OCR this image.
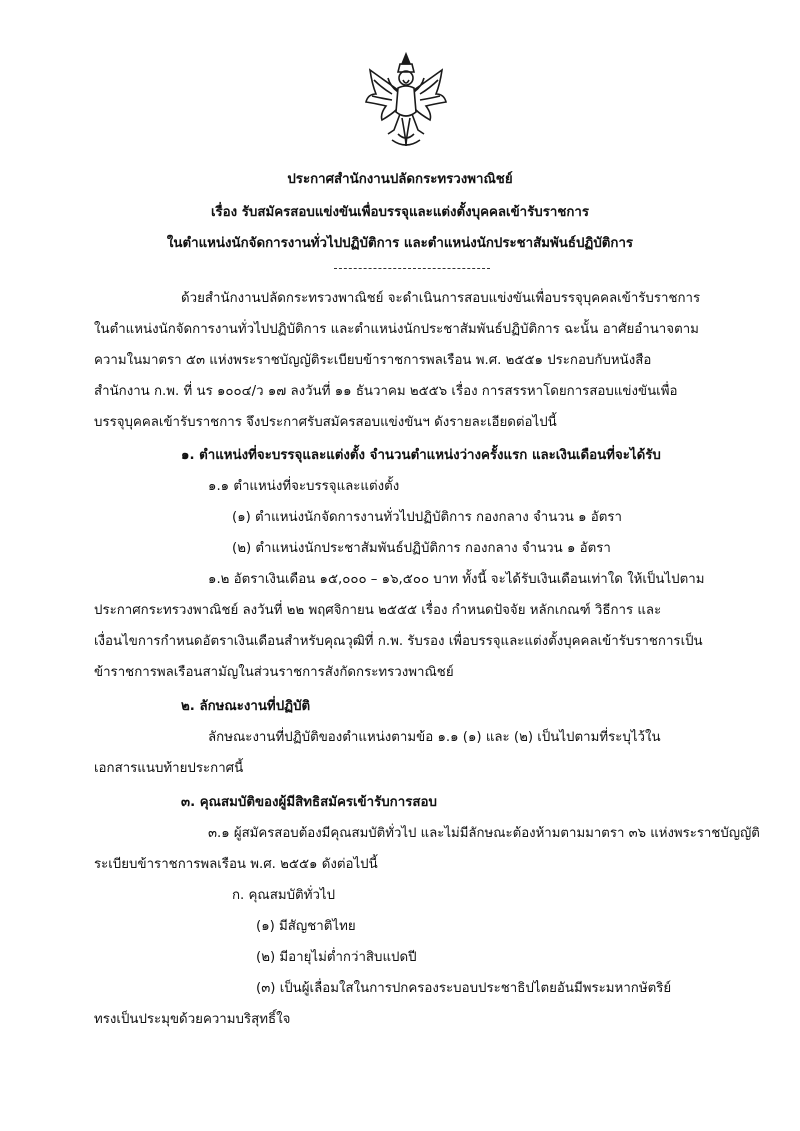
ประกาศสำนักงานปลัดกระทรวงพาณิชย์
เรื่อง รับสมัครสอบแข่งขันเพื่อบรรจุและแต่งตั้งบุคคลเข้ารับราชการ
ในตำแหน่งนักจัดการงานทั่วไปปฏิบัติการ และตำแหน่งนักประชาสัมพันธ์ปฏิบัติการ
ด้วยสำนักงานปลัดกระทรวงพาณิชย์ จะดำเนินการสอบแข่งขันเพื่อบรรจุบุคคลเข้ารับราชการ
ในตำแหน่งนักจัดการงานทั่วไปปฏิบัติการ และตำแหน่งนักประชาสัมพันธ์ปฏิบัติการ ฉะนั้น อาศัยอำนาจตาม
ความในมาตรา ๕๓ แห่งพระราชบัญญัติระเบียบข้าราชการพลเรือน พ.ศ. ๒๕๕๑ ประกอบกับหนังสือ
สำนักงาน ก.พ. ที่ นร ๑๐๐๔/ว ๑๗ ลงวันที่ ๑๑ ธันวาคม ๒๕๕๖ เรื่อง การสรรหาโดยการสอบแข่งขันเพื่อ
บรรจุบุคคลเข้ารับราชการ จึงประกาศรับสมัครสอบแข่งขันฯ ดังรายละเอียดต่อไปนี้
๑. ตำแหน่งที่จะบรรจุและแต่งตั้ง จำนวนตำแหน่งว่างครั้งแรก และเงินเดือนที่จะได้รับ
๑.๑ ตำแหน่งที่จะบรรจุและแต่งตั้ง
(๑) ตำแหน่งนักจัดการงานทั่วไปปฏิบัติการ กองกลาง จำนวน ๑ อัตรา
(๒) ตำแหน่งนักประชาสัมพันธ์ปฏิบัติการ กองกลาง จำนวน ๑ อัตรา
๑.๒ อัตราเงินเดือน ๑๕,๐๐๐ – ๑๖,๕๐๐ บาท ทั้งนี้ จะได้รับเงินเดือนเท่าใด ให้เป็นไปตาม
ประกาศกระทรวงพาณิชย์ ลงวันที่ ๒๒ พฤศจิกายน ๒๕๕๕ เรื่อง กำหนดปัจจัย หลักเกณฑ์ วิธีการ และ
เงื่อนไขการกำหนดอัตราเงินเดือนสำหรับคุณวุฒิที่ ก.พ. รับรอง เพื่อบรรจุและแต่งตั้งบุคคลเข้ารับราชการเป็น
ข้าราชการพลเรือนสามัญในส่วนราชการสังกัดกระทรวงพาณิชย์
๒. ลักษณะงานที่ปฏิบัติ
ลักษณะงานที่ปฏิบัติของตำแหน่งตามข้อ ๑.๑ (๑) และ (๒) เป็นไปตามที่ระบุไว้ใน
เอกสารแนบท้ายประกาศนี้
๓. คุณสมบัติของผู้มีสิทธิสมัครเข้ารับการสอบ
๓.๑ ผู้สมัครสอบต้องมีคุณสมบัติทั่วไป และไม่มีลักษณะต้องห้ามตามมาตรา ๓๖ แห่งพระราชบัญญัติ
ระเบียบข้าราชการพลเรือน พ.ศ. ๒๕๕๑ ดังต่อไปนี้
ก. คุณสมบัติทั่วไป
(๑) มีสัญชาติไทย
(๒) มีอายุไม่ต่ำกว่าสิบแปดปี
(๓) เป็นผู้เลื่อมใสในการปกครองระบอบประชาธิปไตยอันมีพระมหากษัตริย์
ทรงเป็นประมุขด้วยความบริสุทธิ์ใจ
